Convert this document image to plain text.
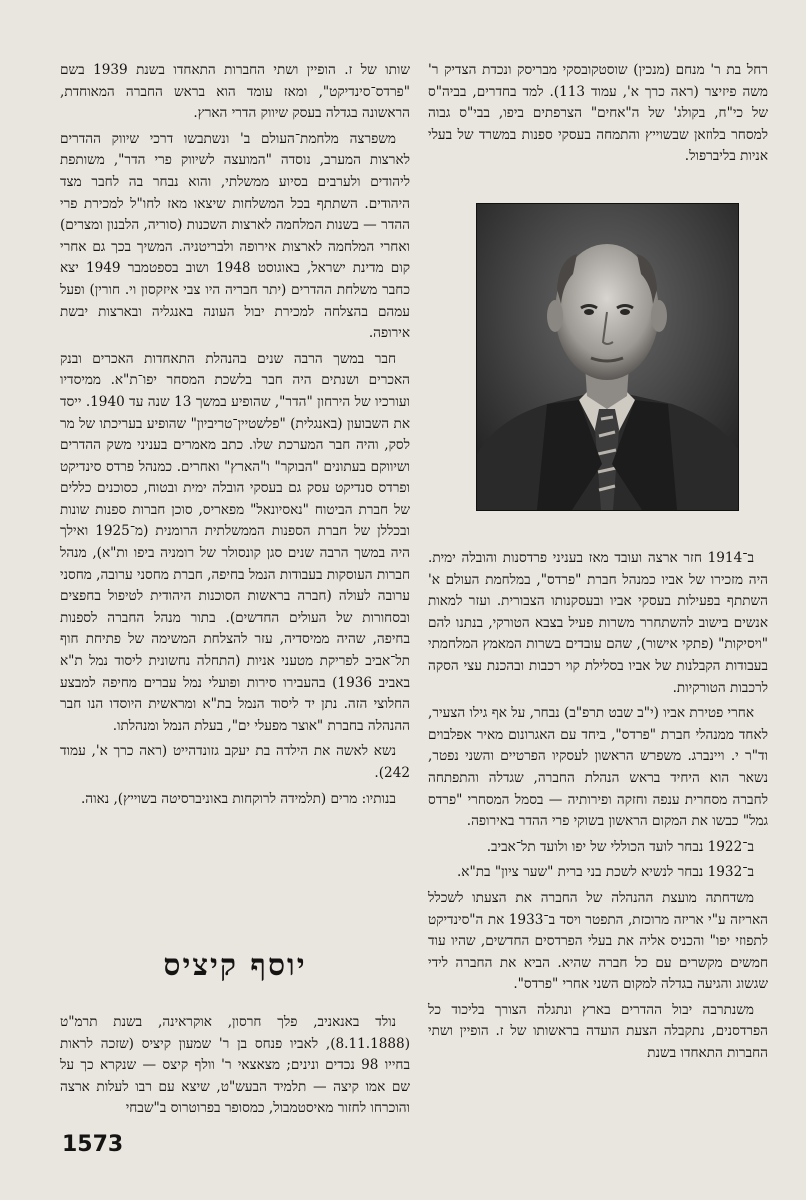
רחל בת ר' מנחם (מנכין) שוסטקובסקי מבריסק ונכדת הצדיק ר' משה פיזיצר (ראה כרך א', עמוד 113). למד בחדרים, בביה"ס של כי"ח, בקולג' של ה"אחים" הצרפתים ביפו, בבי"ס גבוה למסחר בלוזאן שבשוייץ והתמחה בעסקי ספנות במשרד של בעלי אניות בליברפול.

ב־1914 חזר ארצה ועובד מאז בעניני פרדסנות והובלה ימית. היה מזכירו של אביו כמנהל חברת "פרדס", במלחמת העולם א' השתתף בפעילות בעסקי אביו ובעסקנותו הצבורית. ועזר למאות אנשים בישוב להשתחרר משרות פעיל בצבא הטורקי, בנתנו להם "ויסיקות" (פתקי אישור), שהם עובדים בשרות המאמץ המלחמתי בעבודות הקבלנות של אביו בסלילת קוי רכבות ובהכנת עצי הסקה לרכבות הטורקיות.

אחרי פטירת אביו (י"ב שבט תרפ"ב) נבחר, על אף גילו הצעיר, לאחד ממנהלי חברת "פרדס", ביחד עם האגרונום מאיר אפלבוים וד"ר י. ויינברג. משפרש הראשון לעסקיו הפרטיים והשני נפטר, נשאר הוא היחיד בראש הנהלת החברה, שגדלה והתפתחה לחברה מסחרית ענפה וחזקה ופירותיה — בסמל המסחרי "פרדס גמל" כבשו את המקום הראשון בשוקי פרי ההדר באירופה.

ב־1922 נבחר לועד הכוללי של יפו ולועד תל־אביב.

ב־1932 נבחר לנשיא לשכת בני ברית "שער ציון" בת"א.

משדחתה מועצת ההנהלה של החברה את הצעתו לשכלל האריזה ע"י אריזה מרוכזת, התפטר ויסד ב־1933 את ה"סינדיקט לתפוזי יפו" והכניס אליה את בעלי הפרדסים החדשים, שהיו עוד חמשים מקשרים עם כל חברה שהיא. הביא את החברה לידי שגשוג והגיעה בגדלה למקום השני אחרי "פרדס".

משנתרבה יבול ההדרים בארץ ונתגלה הצורך בליכוד כל הפרדסנים, נתקבלה הצעת הועדה בראשותו של ז. הופיין ושתי החברות התאחדו בשנת

שותו של ז. הופיין ושתי החברות התאחדו בשנת 1939 בשם "פרדס־סינדיקט", ומאז עומד הוא בראש החברה המאוחדת, הראשונה בגדלה בעסק שיווק הדרי הארץ.

משפרצה מלחמת־העולם ב' ונשתבשו דרכי שיווק ההדרים לארצות המערב, נוסדה "המועצה לשיווק פרי הדר", משותפת ליהודים ולערבים בסיוע ממשלתי, והוא נבחר בה לחבר מצד היהודים. השתתף בכל המשלחות שיצאו מאז לחו"ל למכירת פרי ההדר — בשנות המלחמה לארצות השכנות (סוריה, הלבנון ומצרים) ואחרי המלחמה לארצות אירופה ולבריטניה. המשיך בכך גם אחרי קום מדינת ישראל, באוגוסט 1948 ושוב בספטמבר 1949 יצא כחבר משלחת ההדרים (יתר חבריה היו צבי איזקסון וי. חורין) ופעל עמהם בהצלחה למכירת יבול העונה באנגליה ובארצות יבשת אירופה.

חבר במשך הרבה שנים בהנהלת התאחדות האכרים ובנק האכרים ושנתים היה חבר בלשכת המסחר יפו־ת"א. ממיסדיו ועורכיו של הירחון "הדר", שהופיע במשך 13 שנה עד 1940. ייסד את השבועון (באנגלית) "פלשטיין־טריביון" שהופיע בעריכתו של מר לסק, והיה חבר המערכת שלו. כתב מאמרים בעניני משק ההדרים ושיווקם בעתונים "הבוקר" ו"הארץ" ואחרים. כמנהל פרדס סינדיקט ופרדס סנדיקט עסק גם בעסקי הובלה ימית ובטוח, כסוכנים כללים של חברת הביטוח "נאסיונאל" מפאריס, סוכן חברות ספנות שונות ובכללן של חברת הספנות הממשלתית הרומנית (מ־1925 ואילך היה במשך הרבה שנים סגן קונסולר של רומניה ביפו ות"א), מנהל חברות העוסקות בעבודות הנמל בחיפה, חברת מחסני ערובה, מחסני ערובה לעולה (חברה בראשות הסוכנות היהודית לטיפול בחפצים ובסחורות של העולים החדשים). בתור מנהל החברה לספנות בחיפה, שהיה ממיסדיה, עזר להצלחת המשימה של פתיחת חוף תל־אביב לפריקת מטעני אניות (התחלה נחשונית ליסוד נמל ת"א באביב 1936) בהעבירו סירות ופועלי נמל עברים מחיפה למבצע החלוצי הזה. נתן יד ליסוד הנמל בת"א ומראשית היוסדו הנו חבר ההנהלה בחברת "אוצר מפעלי ים", בעלת הנמל ומנהלתו.

נשא לאשה את הילדה בת יעקב גזונדהייט (ראה כרך א', עמוד 242).

בנותיו: מרים (תלמידה לרוקחות באוניברסיטה בשוייץ), נאוה.

יוסף קיציס

נולד באנאניב, פלך חרסון, אוקראינה, בשנת תרמ"ט (8.11.1888), לאביו פנחס בן ר' שמעון קיציס (שזכה לראות בחייו 98 נכדים ונינים; מצאצאי ר' וולף קיצס — שנקרא כך על שם אמו קיצה — תלמיד הבעש"ט, שיצא עם רבו לעלות ארצה והוכרחו לחזור מאיסטמבול, כמסופר בפרוטרוס ב"שבחי

1573
